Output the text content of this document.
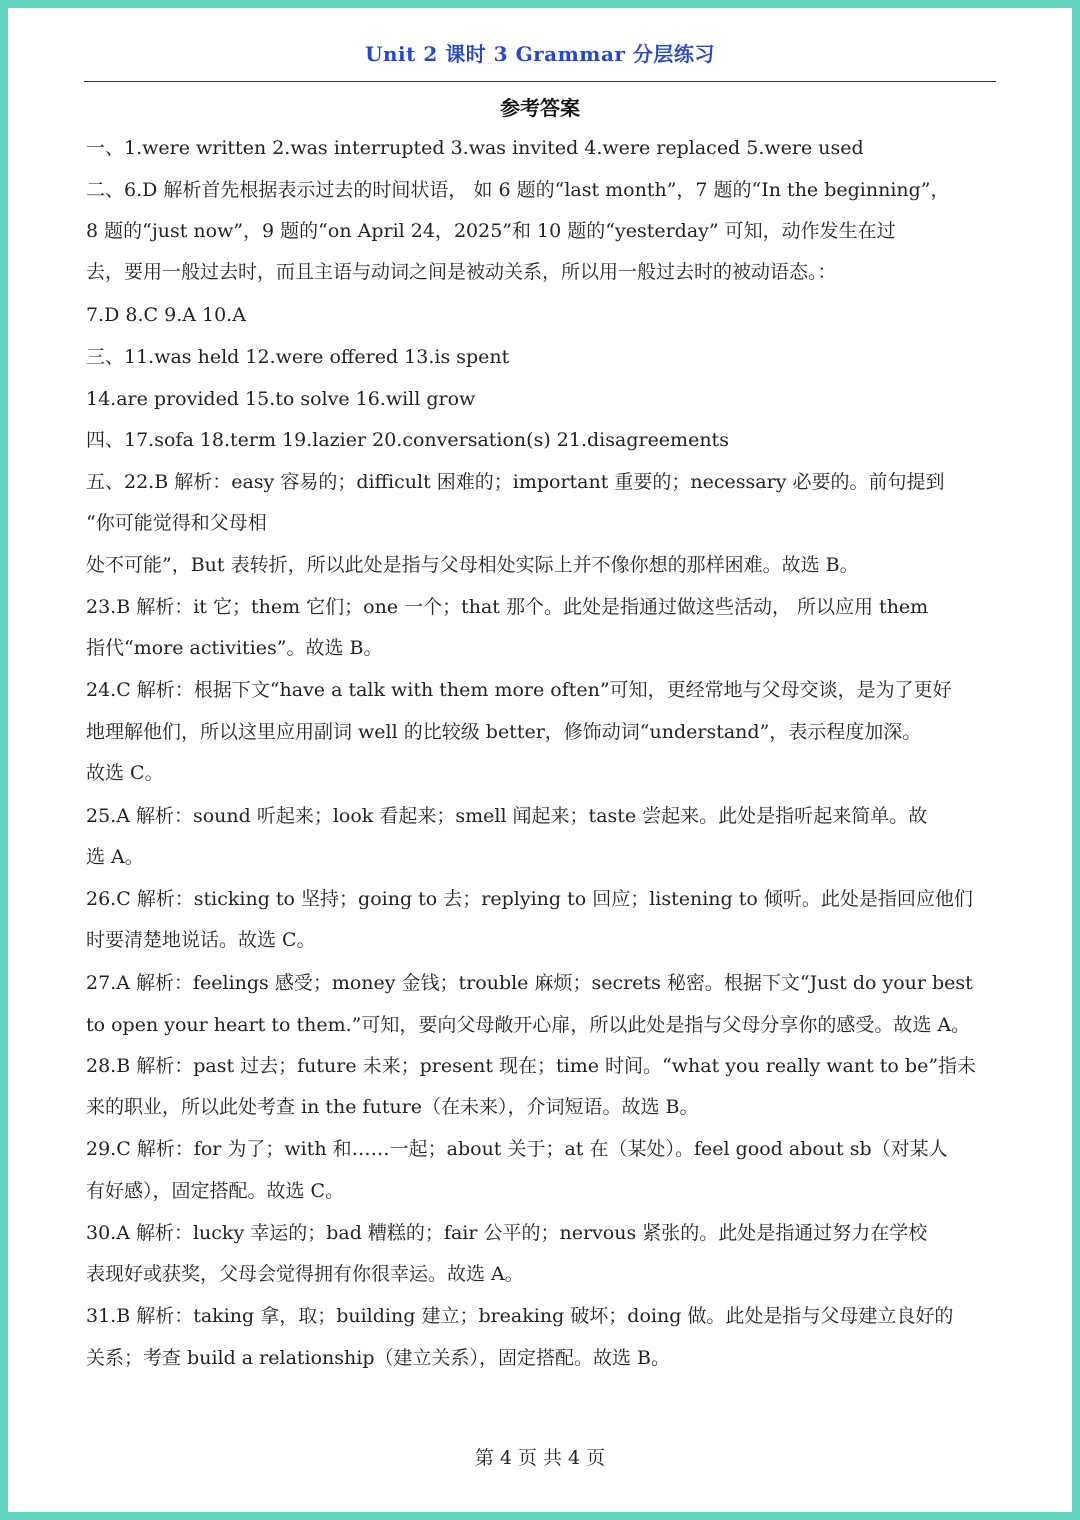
Unit 2 课时 3 Grammar 分层练习
参考答案
一、1.were written 2.was interrupted 3.was invited 4.were replaced 5.were used
二、6.D 解析首先根据表示过去的时间状语， 如 6 题的“last month”，7 题的“In the beginning”，
8 题的“just now”，9 题的“on April 24，2025”和 10 题的“yesterday” 可知，动作发生在过
去，要用一般过去时，而且主语与动词之间是被动关系，所以用一般过去时的被动语态。：
7.D 8.C 9.A 10.A
三、11.was held 12.were offered 13.is spent
14.are provided 15.to solve 16.will grow
四、17.sofa 18.term 19.lazier 20.conversation(s) 21.disagreements
五、22.B 解析：easy 容易的；difficult 困难的；important 重要的；necessary 必要的。前句提到
“你可能觉得和父母相
处不可能”，But 表转折，所以此处是指与父母相处实际上并不像你想的那样困难。故选 B。
23.B 解析：it 它；them 它们；one 一个；that 那个。此处是指通过做这些活动， 所以应用 them
指代“more activities”。故选 B。
24.C 解析：根据下文“have a talk with them more often”可知，更经常地与父母交谈，是为了更好
地理解他们，所以这里应用副词 well 的比较级 better，修饰动词“understand”，表示程度加深。
故选 C。
25.A 解析：sound 听起来；look 看起来；smell 闻起来；taste 尝起来。此处是指听起来简单。故
选 A。
26.C 解析：sticking to 坚持；going to 去；replying to 回应；listening to 倾听。此处是指回应他们
时要清楚地说话。故选 C。
27.A 解析：feelings 感受；money 金钱；trouble 麻烦；secrets 秘密。根据下文“Just do your best
to open your heart to them.”可知，要向父母敞开心扉，所以此处是指与父母分享你的感受。故选 A。
28.B 解析：past 过去；future 未来；present 现在；time 时间。“what you really want to be”指未
来的职业，所以此处考查 in the future（在未来），介词短语。故选 B。
29.C 解析：for 为了；with 和……一起；about 关于；at 在（某处）。feel good about sb（对某人
有好感），固定搭配。故选 C。
30.A 解析：lucky 幸运的；bad 糟糕的；fair 公平的；nervous 紧张的。此处是指通过努力在学校
表现好或获奖，父母会觉得拥有你很幸运。故选 A。
31.B 解析：taking 拿，取；building 建立；breaking 破坏；doing 做。此处是指与父母建立良好的
关系；考查 build a relationship（建立关系），固定搭配。故选 B。
第 4 页 共 4 页
